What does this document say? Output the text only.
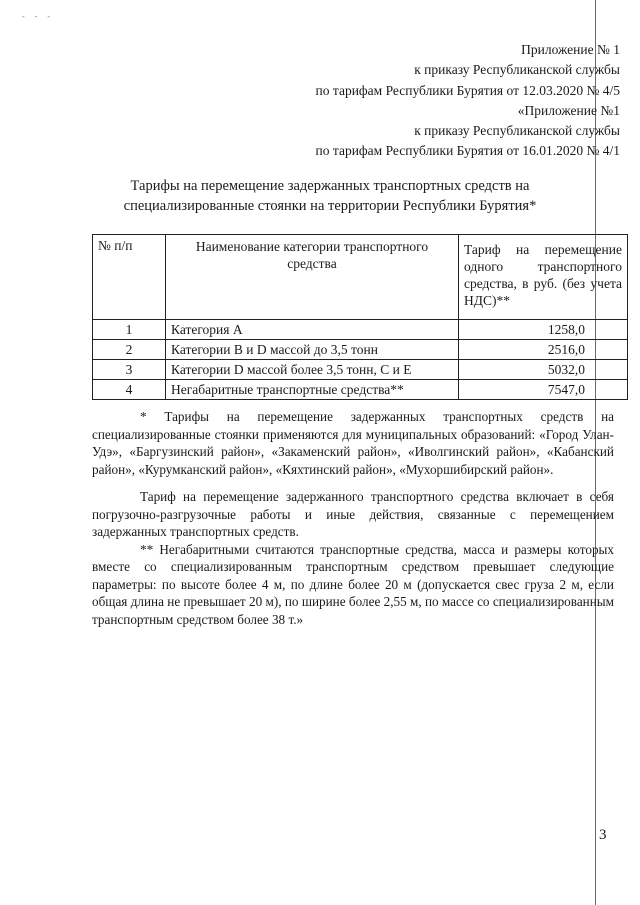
- - -
Приложение № 1
к приказу Республиканской службы
по тарифам Республики Бурятия от 12.03.2020 № 4/5
«Приложение №1
к приказу Республиканской службы
по тарифам Республики Бурятия от 16.01.2020 № 4/1
Тарифы на перемещение задержанных транспортных средств на
специализированные стоянки на территории Республики Бурятия*
№ п/п	Наименование категории транспортного средства	Тариф на перемещение одного транспортного средства, в руб. (без учета НДС)**
1	Категория А	1258,0
2	Категории В и D массой до 3,5 тонн	2516,0
3	Категории D массой более 3,5 тонн, С и Е	5032,0
4	Негабаритные транспортные средства**	7547,0

* Тарифы на перемещение задержанных транспортных средств на специализированные стоянки применяются для муниципальных образований: «Город Улан-Удэ», «Баргузинский район», «Закаменский район», «Иволгинский район», «Кабанский район», «Курумканский район», «Кяхтинский район», «Мухоршибирский район».

Тариф на перемещение задержанного транспортного средства включает в себя погрузочно-разгрузочные работы и иные действия, связанные с перемещением задержанных транспортных средств.

** Негабаритными считаются транспортные средства, масса и размеры которых вместе со специализированным транспортным средством превышает следующие параметры: по высоте более 4 м, по длине более 20 м (допускается свес груза 2 м, если общая длина не превышает 20 м), по ширине более 2,55 м, по массе со специализированным транспортным средством более 38 т.»

3
